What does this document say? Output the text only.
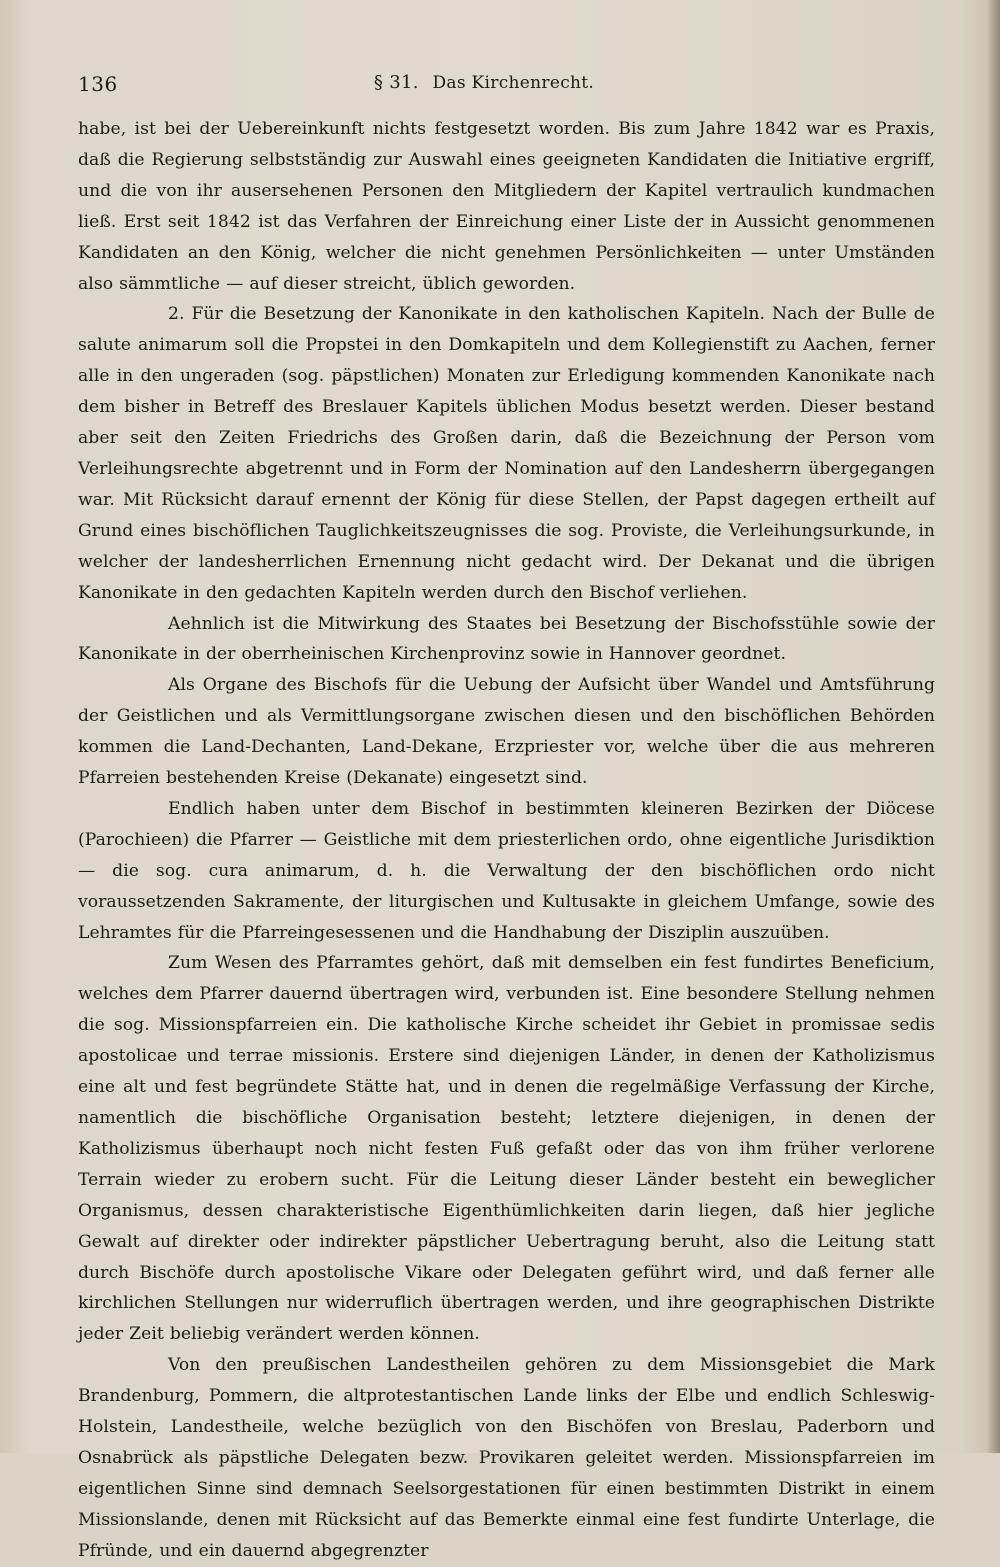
136	§ 31. Das Kirchenrecht.

habe, ist bei der Uebereinkunft nichts festgesetzt worden. Bis zum Jahre 1842 war es Praxis, daß die Regierung selbstständig zur Auswahl eines geeigneten Kandidaten die Initiative ergriff, und die von ihr ausersehenen Personen den Mitgliedern der Kapitel vertraulich kundmachen ließ. Erst seit 1842 ist das Verfahren der Einreichung einer Liste der in Aussicht genommenen Kandidaten an den König, welcher die nicht genehmen Persönlichkeiten — unter Umständen also sämmtliche — auf dieser streicht, üblich geworden.

2. Für die Besetzung der Kanonikate in den katholischen Kapiteln. Nach der Bulle de salute animarum soll die Propstei in den Domkapiteln und dem Kollegienstift zu Aachen, ferner alle in den ungeraden (sog. päpstlichen) Monaten zur Erledigung kommenden Kanonikate nach dem bisher in Betreff des Breslauer Kapitels üblichen Modus besetzt werden. Dieser bestand aber seit den Zeiten Friedrichs des Großen darin, daß die Bezeichnung der Person vom Verleihungsrechte abgetrennt und in Form der Nomination auf den Landesherrn übergegangen war. Mit Rücksicht darauf ernennt der König für diese Stellen, der Papst dagegen ertheilt auf Grund eines bischöflichen Tauglichkeitszeugnisses die sog. Proviste, die Verleihungsurkunde, in welcher der landesherrlichen Ernennung nicht gedacht wird. Der Dekanat und die übrigen Kanonikate in den gedachten Kapiteln werden durch den Bischof verliehen.

Aehnlich ist die Mitwirkung des Staates bei Besetzung der Bischofsstühle sowie der Kanonikate in der oberrheinischen Kirchenprovinz sowie in Hannover geordnet.

Als Organe des Bischofs für die Uebung der Aufsicht über Wandel und Amtsführung der Geistlichen und als Vermittlungsorgane zwischen diesen und den bischöflichen Behörden kommen die Land-Dechanten, Land-Dekane, Erzpriester vor, welche über die aus mehreren Pfarreien bestehenden Kreise (Dekanate) eingesetzt sind.

Endlich haben unter dem Bischof in bestimmten kleineren Bezirken der Diöcese (Parochieen) die Pfarrer — Geistliche mit dem priesterlichen ordo, ohne eigentliche Jurisdiktion — die sog. cura animarum, d. h. die Verwaltung der den bischöflichen ordo nicht voraussetzenden Sakramente, der liturgischen und Kultusakte in gleichem Umfange, sowie des Lehramtes für die Pfarreingesessenen und die Handhabung der Disziplin auszuüben.

Zum Wesen des Pfarramtes gehört, daß mit demselben ein fest fundirtes Beneficium, welches dem Pfarrer dauernd übertragen wird, verbunden ist. Eine besondere Stellung nehmen die sog. Missionspfarreien ein. Die katholische Kirche scheidet ihr Gebiet in promissae sedis apostolicae und terrae missionis. Erstere sind diejenigen Länder, in denen der Katholizismus eine alt und fest begründete Stätte hat, und in denen die regelmäßige Verfassung der Kirche, namentlich die bischöfliche Organisation besteht; letztere diejenigen, in denen der Katholizismus überhaupt noch nicht festen Fuß gefaßt oder das von ihm früher verlorene Terrain wieder zu erobern sucht. Für die Leitung dieser Länder besteht ein beweglicher Organismus, dessen charakteristische Eigenthümlichkeiten darin liegen, daß hier jegliche Gewalt auf direkter oder indirekter päpstlicher Uebertragung beruht, also die Leitung statt durch Bischöfe durch apostolische Vikare oder Delegaten geführt wird, und daß ferner alle kirchlichen Stellungen nur widerruflich übertragen werden, und ihre geographischen Distrikte jeder Zeit beliebig verändert werden können.

Von den preußischen Landestheilen gehören zu dem Missionsgebiet die Mark Brandenburg, Pommern, die altprotestantischen Lande links der Elbe und endlich Schleswig-Holstein, Landestheile, welche bezüglich von den Bischöfen von Breslau, Paderborn und Osnabrück als päpstliche Delegaten bezw. Provikaren geleitet werden. Missionspfarreien im eigentlichen Sinne sind demnach Seelsorgestationen für einen bestimmten Distrikt in einem Missionslande, denen mit Rücksicht auf das Bemerkte einmal eine fest fundirte Unterlage, die Pfründe, und ein dauernd abgegrenzter
